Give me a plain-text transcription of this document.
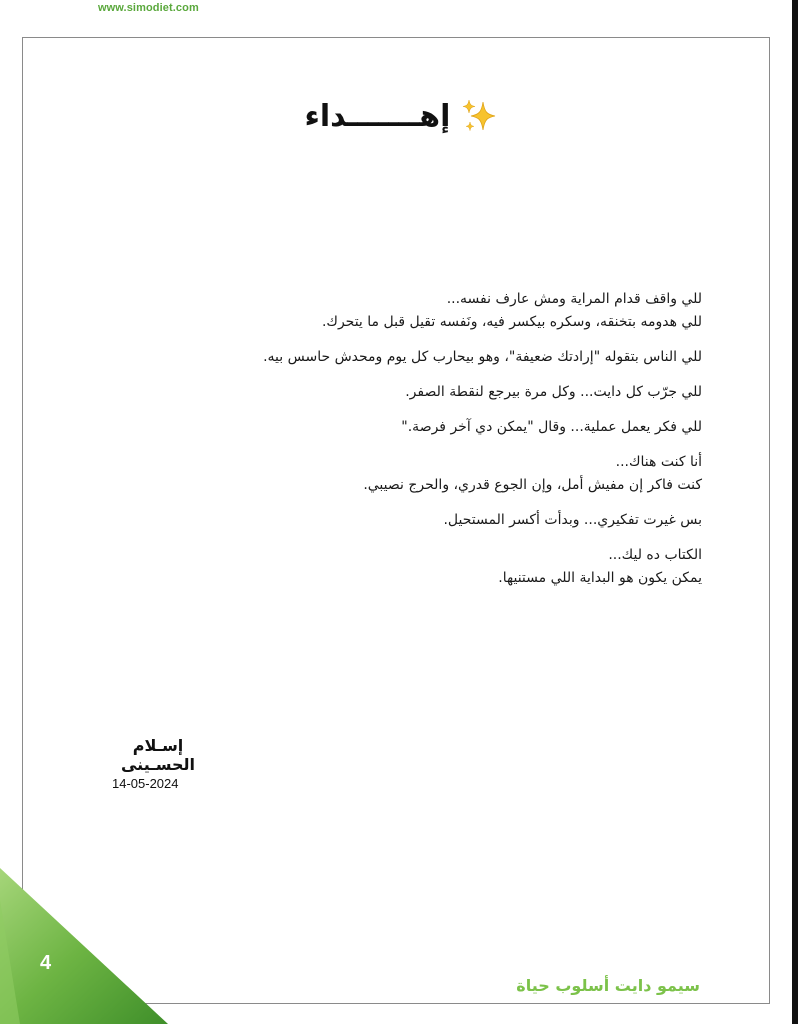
www.simodiet.com
إهـــــــداء

للي واقف قدام المراية ومش عارف نفسه...
للي هدومه بتخنقه، وسكره بيكسر فيه، ونَفسه تقيل قبل ما يتحرك.

للي الناس بتقوله "إرادتك ضعيفة"، وهو بيحارب كل يوم ومحدش حاسس بيه.

للي جرّب كل دايت... وكل مرة بيرجع لنقطة الصفر.

للي فكر يعمل عملية... وقال "يمكن دي آخر فرصة."

أنا كنت هناك...
كنت فاكر إن مفيش أمل، وإن الجوع قدري، والحرج نصيبي.

بس غيرت تفكيري... وبدأت أكسر المستحيل.

الكتاب ده ليك...
يمكن يكون هو البداية اللي مستنيها.

إسـلام الحسـينى
14-05-2024
4
سيمو دايت أسلوب حياة
